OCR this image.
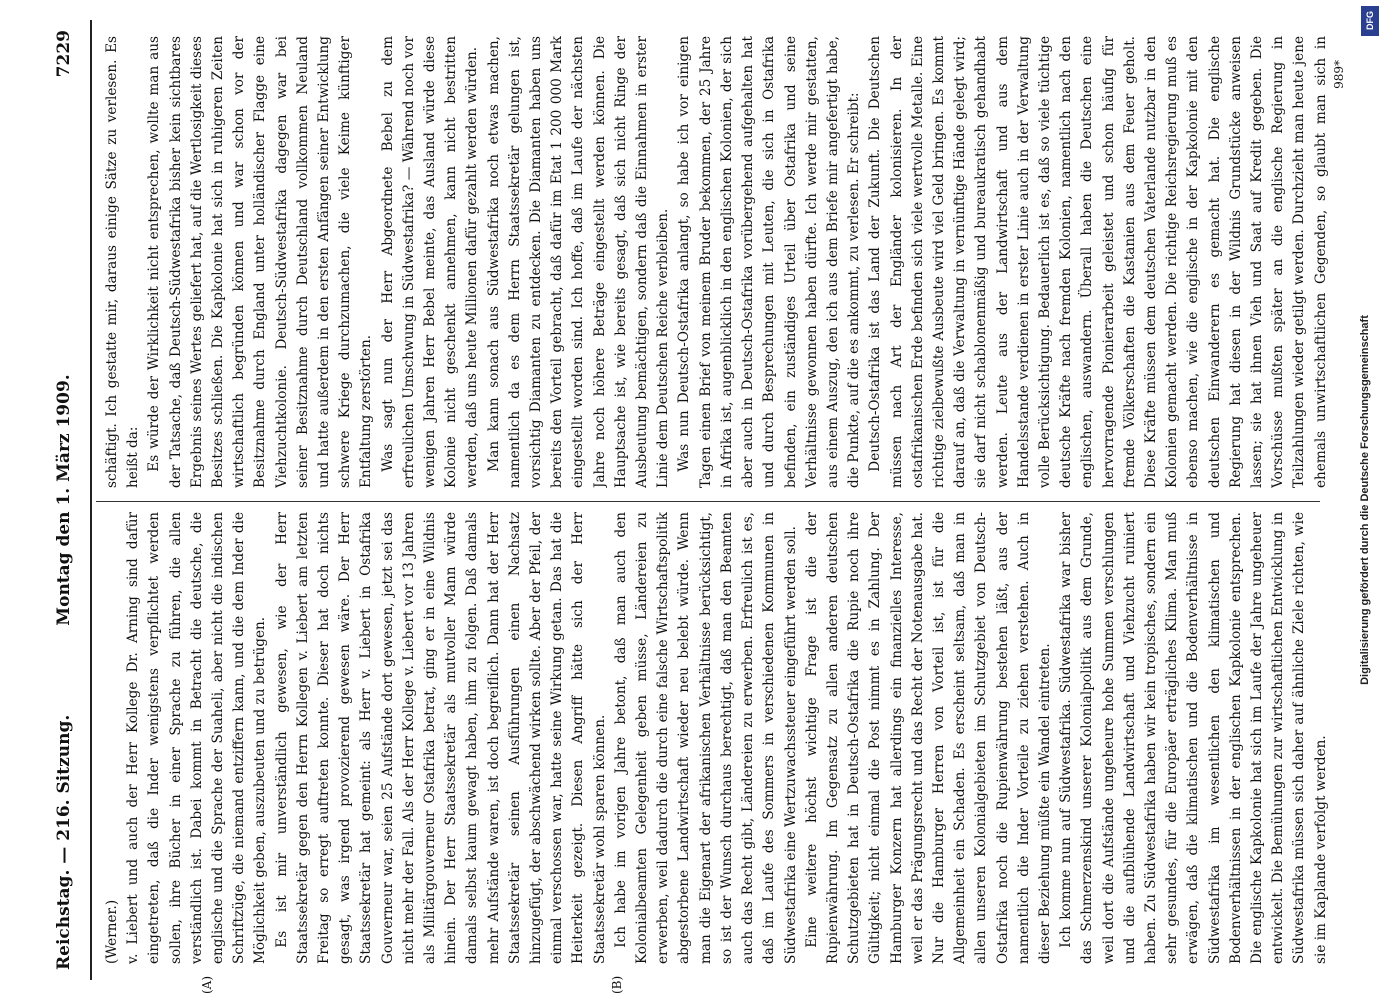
Reichstag. — 216. Sitzung.
Montag den 1. März 1909.
7229
(A)	(B)

(Werner.) v. Liebert und auch der Herr Kollege Dr. Arning sind dafür eingetreten, daß die Inder wenigstens verpflichtet werden sollen, ihre Bücher in einer Sprache zu führen, die allen verständlich ist. Dabei kommt in Betracht die deutsche, die englische und die Sprache der Suaheli, aber nicht die indischen Schriftzüge, die niemand entziffern kann, und die dem Inder die Möglichkeit geben, auszubeuten und zu betrügen. Es ist mir unverständlich gewesen, wie der Herr Staatssekretär gegen den Herrn Kollegen v. Liebert am letzten Freitag so erregt auftreten konnte. Dieser hat doch nichts gesagt, was irgend provozierend gewesen wäre. Der Herr Staatssekretär hat gemeint: als Herr v. Liebert in Ostafrika Gouverneur war, seien 25 Aufstände dort gewesen, jetzt sei das nicht mehr der Fall. Als der Herr Kollege v. Liebert vor 13 Jahren als Militärgouverneur Ostafrika betrat, ging er in eine Wildnis hinein. Der Herr Staatssekretär als mutvoller Mann würde damals selbst kaum gewagt haben, ihm zu folgen. Daß damals mehr Aufstände waren, ist doch begreiflich. Dann hat der Herr Staatssekretär seinen Ausführungen einen Nachsatz hinzugefügt, der abschwächend wirken sollte. Aber der Pfeil, der einmal verschossen war, hatte seine Wirkung getan. Das hat die Heiterkeit gezeigt. Diesen Angriff hätte sich der Herr Staatssekretär wohl sparen können. Ich habe im vorigen Jahre betont, daß man auch den Kolonialbeamten Gelegenheit geben müsse, Ländereien zu erwerben, weil dadurch die durch eine falsche Wirtschaftspolitik abgestorbene Landwirtschaft wieder neu belebt würde. Wenn man die Eigenart der afrikanischen Verhältnisse berücksichtigt, so ist der Wunsch durchaus berechtigt, daß man den Beamten auch das Recht gibt, Ländereien zu erwerben. Erfreulich ist es, daß im Laufe des Sommers in verschiedenen Kommunen in Südwestafrika eine Wertzuwachssteuer eingeführt werden soll. Eine weitere höchst wichtige Frage ist die der Rupienwährung. Im Gegensatz zu allen anderen deutschen Schutzgebieten hat in Deutsch-Ostafrika die Rupie noch ihre Gültigkeit; nicht einmal die Post nimmt es in Zahlung. Der Hamburger Konzern hat allerdings ein finanzielles Interesse, weil er das Prägungsrecht und das Recht der Notenausgabe hat. Nur die Hamburger Herren von Vorteil ist, ist für die Allgemeinheit ein Schaden. Es erscheint seltsam, daß man in allen unseren Kolonialgebieten im Schutzgebiet von Deutsch-Ostafrika noch die Rupienwährung bestehen läßt, aus der namentlich die Inder Vorteile zu ziehen verstehen. Auch in dieser Beziehung müßte ein Wandel eintreten. Ich komme nun auf Südwestafrika. Südwestafrika war bisher das Schmerzenskind unserer Kolonialpolitik aus dem Grunde, weil dort die Aufstände ungeheure hohe Summen verschlungen und die aufblühende Landwirtschaft und Viehzucht ruiniert haben. Zu Südwestafrika haben wir kein tropisches, sondern ein sehr gesundes, für die Europäer erträgliches Klima. Man muß erwägen, daß die klimatischen und die Bodenverhältnisse in Südwestafrika im wesentlichen den klimatischen und Bodenverhältnissen in der englischen Kapkolonie entsprechen. Die englische Kapkolonie hat sich im Laufe der Jahre ungeheuer entwickelt. Die Bemühungen zur wirtschaftlichen Entwicklung in Südwestafrika müssen sich daher auf ähnliche Ziele richten, wie sie im Kaplande verfolgt werden.

schäftigt. Ich gestatte mir, daraus einige Sätze zu verlesen. Es heißt da: Es würde der Wirklichkeit nicht entsprechen, wollte man aus der Tatsache, daß Deutsch-Südwestafrika bisher kein sichtbares Ergebnis seines Wertes geliefert hat, auf die Wertlosigkeit dieses Besitzes schließen. Die Kapkolonie hat sich in ruhigeren Zeiten wirtschaftlich begründen können und war schon vor der Besitznahme durch England unter holländischer Flagge eine Viehzuchtkolonie. Deutsch-Südwestafrika dagegen war bei seiner Besitznahme durch Deutschland vollkommen Neuland und hatte außerdem in den ersten Anfängen seiner Entwicklung schwere Kriege durchzumachen, die viele Keime künftiger Entfaltung zerstörten. Was sagt nun der Herr Abgeordnete Bebel zu dem erfreulichen Umschwung in Südwestafrika? — Während noch vor wenigen Jahren Herr Bebel meinte, das Ausland würde diese Kolonie nicht geschenkt annehmen, kann nicht bestritten werden, daß uns heute Millionen dafür gezahlt werden würden. Man kann sonach aus Südwestafrika noch etwas machen, namentlich da es dem Herrn Staatssekretär gelungen ist, vorsichtig Diamanten zu entdecken. Die Diamanten haben uns bereits den Vorteil gebracht, daß dafür im Etat 1 200 000 Mark eingestellt worden sind. Ich hoffe, daß im Laufe der nächsten Jahre noch höhere Beträge eingestellt werden können. Die Hauptsache ist, wie bereits gesagt, daß sich nicht Ringe der Ausbeutung bemächtigen, sondern daß die Einnahmen in erster Linie dem Deutschen Reiche verbleiben. Was nun Deutsch-Ostafrika anlangt, so habe ich vor einigen Tagen einen Brief von meinem Bruder bekommen, der 25 Jahre in Afrika ist, augenblicklich in den englischen Kolonien, der sich aber auch in Deutsch-Ostafrika vorübergehend aufgehalten hat und durch Besprechungen mit Leuten, die sich in Ostafrika befinden, ein zuständiges Urteil über Ostafrika und seine Verhältnisse gewonnen haben dürfte. Ich werde mir gestatten, aus einem Auszug, den ich aus dem Briefe mir angefertigt habe, die Punkte, auf die es ankommt, zu verlesen. Er schreibt: Deutsch-Ostafrika ist das Land der Zukunft. Die Deutschen müssen nach Art der Engländer kolonisieren. In der ostafrikanischen Erde befinden sich viele wertvolle Metalle. Eine richtige zielbewußte Ausbeute wird viel Geld bringen. Es kommt darauf an, daß die Verwaltung in vernünftige Hände gelegt wird; sie darf nicht schablonenmäßig und bureaukratisch gehandhabt werden. Leute aus der Landwirtschaft und aus dem Handelsstande verdienen in erster Linie auch in der Verwaltung volle Berücksichtigung. Bedauerlich ist es, daß so viele tüchtige deutsche Kräfte nach fremden Kolonien, namentlich nach den englischen, auswandern. Überall haben die Deutschen eine hervorragende Pionierarbeit geleistet und schon häufig für fremde Völkerschaften die Kastanien aus dem Feuer geholt. Diese Kräfte müssen dem deutschen Vaterlande nutzbar in den Kolonien gemacht werden. Die richtige Reichsregierung muß es ebenso machen, wie die englische in der Kapkolonie mit den deutschen Einwanderern es gemacht hat. Die englische Regierung hat diesen in der Wildnis Grundstücke anweisen lassen; sie hat ihnen Vieh und Saat auf Kredit gegeben. Die Vorschüsse mußten später an die englische Regierung in Teilzahlungen wieder getilgt werden. Durchzieht man heute jene ehemals unwirtschaftlichen Gegenden, so glaubt man sich in

989*
Digitalisierung gefördert durch die Deutsche Forschungsgemeinschaft
DFG
